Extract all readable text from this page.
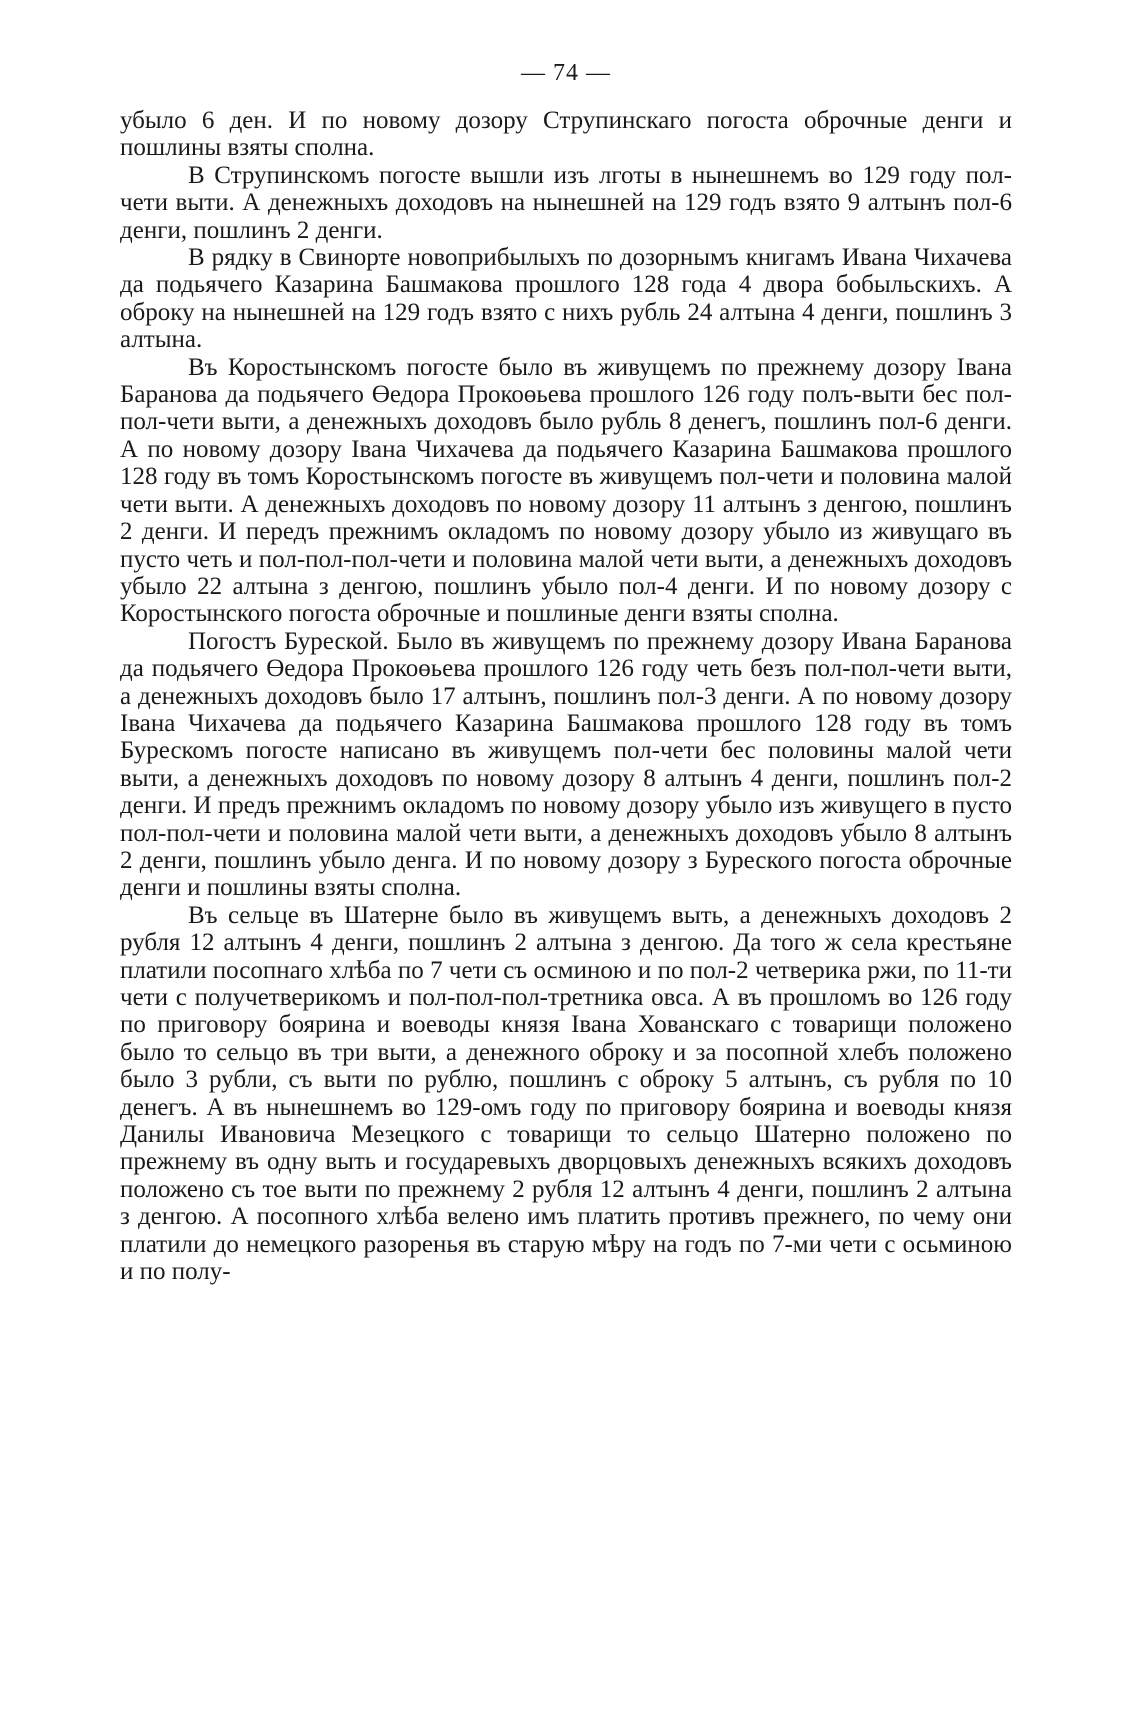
— 74 —

убыло 6 ден. И по новому дозору Струпинскаго погоста оброчные денги и пошлины взяты сполна.

В Струпинскомъ погосте вышли изъ лготы в нынешнемъ во 129 году пол-чети выти. А денежныхъ доходовъ на нынешней на 129 годъ взято 9 алтынъ пол-6 денги, пошлинъ 2 денги.

В рядку в Свинорте новоприбылыхъ по дозорнымъ книгамъ Ивана Чихачева да подьячего Казарина Башмакова прошлого 128 года 4 двора бобыльскихъ. А оброку на нынешней на 129 годъ взято с нихъ рубль 24 алтына 4 денги, пошлинъ 3 алтына.

Въ Коростынскомъ погосте было въ живущемъ по прежнему дозору Івана Баранова да подьячего Өедора Прокоөьева прошлого 126 году полъ-выти бес пол-пол-чети выти, а денежныхъ доходовъ было рубль 8 денегъ, пошлинъ пол-6 денги. А по новому дозору Івана Чихачева да подьячего Казарина Башмакова прошлого 128 году въ томъ Коростынскомъ погосте въ живущемъ пол-чети и половина малой чети выти. А денежныхъ доходовъ по новому дозору 11 алтынъ з денгою, пошлинъ 2 денги. И передъ прежнимъ окладомъ по новому дозору убыло из живущаго въ пусто четь и пол-пол-пол-чети и половина малой чети выти, а денежныхъ доходовъ убыло 22 алтына з денгою, пошлинъ убыло пол-4 денги. И по новому дозору с Коростынского погоста оброчные и пошлиные денги взяты сполна.

Погостъ Буреской. Было въ живущемъ по прежнему дозору Ивана Баранова да подьячего Өедора Прокоөьева прошлого 126 году четь безъ пол-пол-чети выти, а денежныхъ доходовъ было 17 алтынъ, пошлинъ пол-3 денги. А по новому дозору Івана Чихачева да подьячего Казарина Башмакова прошлого 128 году въ томъ Бурескомъ погосте написано въ живущемъ пол-чети бес половины малой чети выти, а денежныхъ доходовъ по новому дозору 8 алтынъ 4 денги, пошлинъ пол-2 денги. И предъ прежнимъ окладомъ по новому дозору убыло изъ живущего в пусто пол-пол-чети и половина малой чети выти, а денежныхъ доходовъ убыло 8 алтынъ 2 денги, пошлинъ убыло денга. И по новому дозору з Буреского погоста оброчные денги и пошлины взяты сполна.

Въ сельце въ Шатерне было въ живущемъ выть, а денежныхъ доходовъ 2 рубля 12 алтынъ 4 денги, пошлинъ 2 алтына з денгою. Да того ж села крестьяне платили посопнаго хлѣба по 7 чети съ осминою и по пол-2 четверика ржи, по 11-ти чети с получетверикомъ и пол-пол-пол-третника овса. А въ прошломъ во 126 году по приговору боярина и воеводы князя Івана Хованскаго с товарищи положено было то сельцо въ три выти, а денежного оброку и за посопной хлебъ положено было 3 рубли, съ выти по рублю, пошлинъ с оброку 5 алтынъ, съ рубля по 10 денегъ. А въ нынешнемъ во 129-омъ году по приговору боярина и воеводы князя Данилы Ивановича Мезецкого с товарищи то сельцо Шатерно положено по прежнему въ одну выть и государевыхъ дворцовыхъ денежныхъ всякихъ доходовъ положено съ тое выти по прежнему 2 рубля 12 алтынъ 4 денги, пошлинъ 2 алтына з денгою. А посопного хлѣба велено имъ платить противъ прежнего, по чему они платили до немецкого разоренья въ старую мѣру на годъ по 7-ми чети с осьминою и по полу-
